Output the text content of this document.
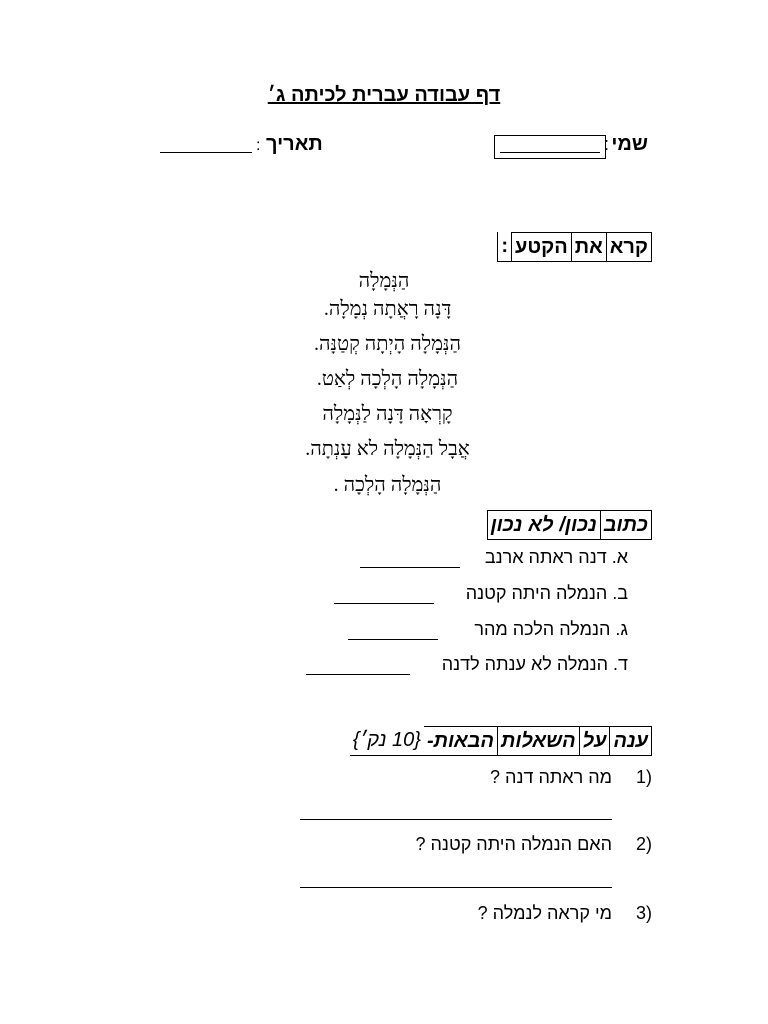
דף עבודה עברית לכיתה ג׳
שמי
:
תאריך :
קרא
את
הקטע
:
הַנְּמָלָה
דָּנָה רָאֲתָה נְמָלָה.
הַנְּמָלָה הָיְתָה קְטַנָּה.
הַנְּמָלָה הָלְכָה לְאַט.
קָרְאָה דָּנָה לַנְּמָלָה
אֲבָל הַנְּמָלָה לא עָנְתָה.
הַנְּמָלָה הָלְכָה .
כתוב
נכון/
לא
נכון
א. דנה ראתה ארנב
ב. הנמלה היתה קטנה
ג. הנמלה הלכה מהר
ד. הנמלה לא ענתה לדנה
ענה
על
השאלות
הבאות-
{10 נק׳}
1)
מה ראתה דנה ?
2)
האם הנמלה היתה קטנה ?
3)
מי קראה לנמלה ?
